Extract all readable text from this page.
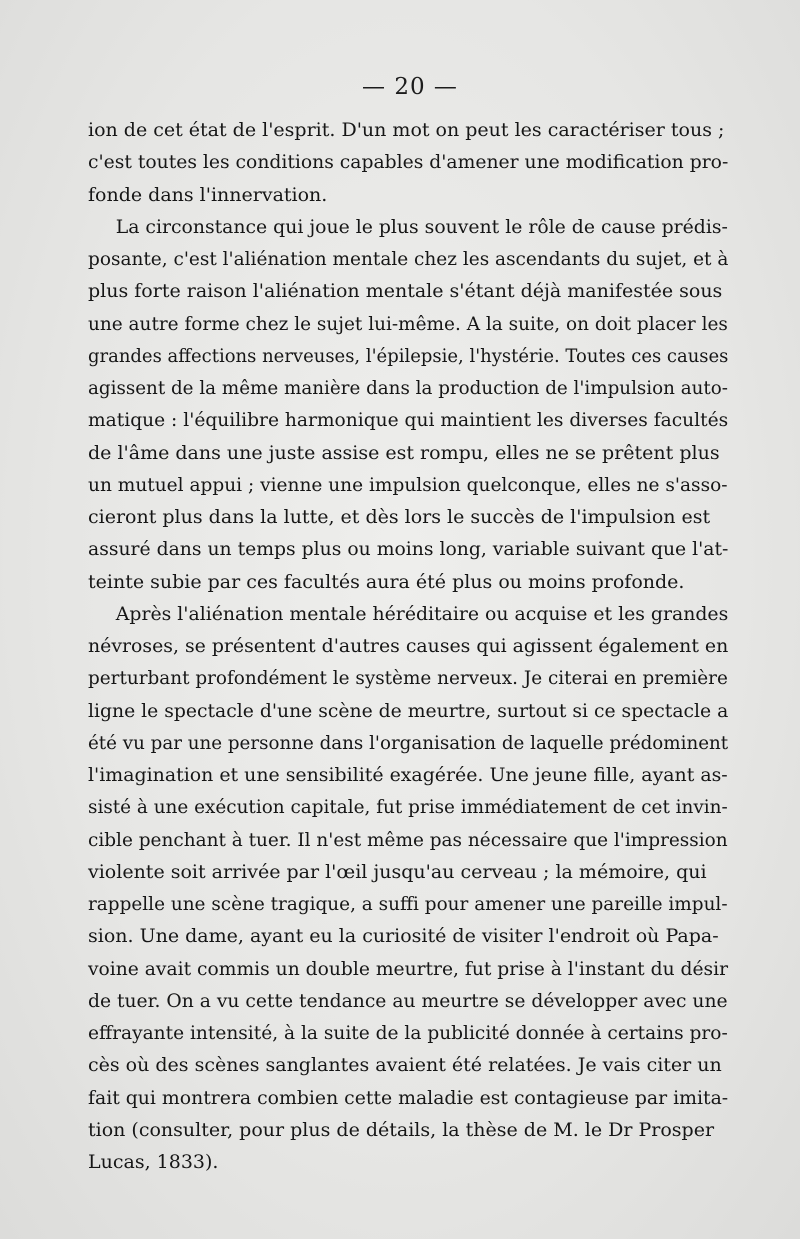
— 20 —
ion de cet état de l'esprit. D'un mot on peut les caractériser tous ;
c'est toutes les conditions capables d'amener une modification pro-
fonde dans l'innervation.
La circonstance qui joue le plus souvent le rôle de cause prédis-
posante, c'est l'aliénation mentale chez les ascendants du sujet, et à
plus forte raison l'aliénation mentale s'étant déjà manifestée sous
une autre forme chez le sujet lui-même. A la suite, on doit placer les
grandes affections nerveuses, l'épilepsie, l'hystérie. Toutes ces causes
agissent de la même manière dans la production de l'impulsion auto-
matique : l'équilibre harmonique qui maintient les diverses facultés
de l'âme dans une juste assise est rompu, elles ne se prêtent plus
un mutuel appui ; vienne une impulsion quelconque, elles ne s'asso-
cieront plus dans la lutte, et dès lors le succès de l'impulsion est
assuré dans un temps plus ou moins long, variable suivant que l'at-
teinte subie par ces facultés aura été plus ou moins profonde.
Après l'aliénation mentale héréditaire ou acquise et les grandes
névroses, se présentent d'autres causes qui agissent également en
perturbant profondément le système nerveux. Je citerai en première
ligne le spectacle d'une scène de meurtre, surtout si ce spectacle a
été vu par une personne dans l'organisation de laquelle prédominent
l'imagination et une sensibilité exagérée. Une jeune fille, ayant as-
sisté à une exécution capitale, fut prise immédiatement de cet invin-
cible penchant à tuer. Il n'est même pas nécessaire que l'impression
violente soit arrivée par l'œil jusqu'au cerveau ; la mémoire, qui
rappelle une scène tragique, a suffi pour amener une pareille impul-
sion. Une dame, ayant eu la curiosité de visiter l'endroit où Papa-
voine avait commis un double meurtre, fut prise à l'instant du désir
de tuer. On a vu cette tendance au meurtre se développer avec une
effrayante intensité, à la suite de la publicité donnée à certains pro-
cès où des scènes sanglantes avaient été relatées. Je vais citer un
fait qui montrera combien cette maladie est contagieuse par imita-
tion (consulter, pour plus de détails, la thèse de M. le Dr Prosper
Lucas, 1833).
